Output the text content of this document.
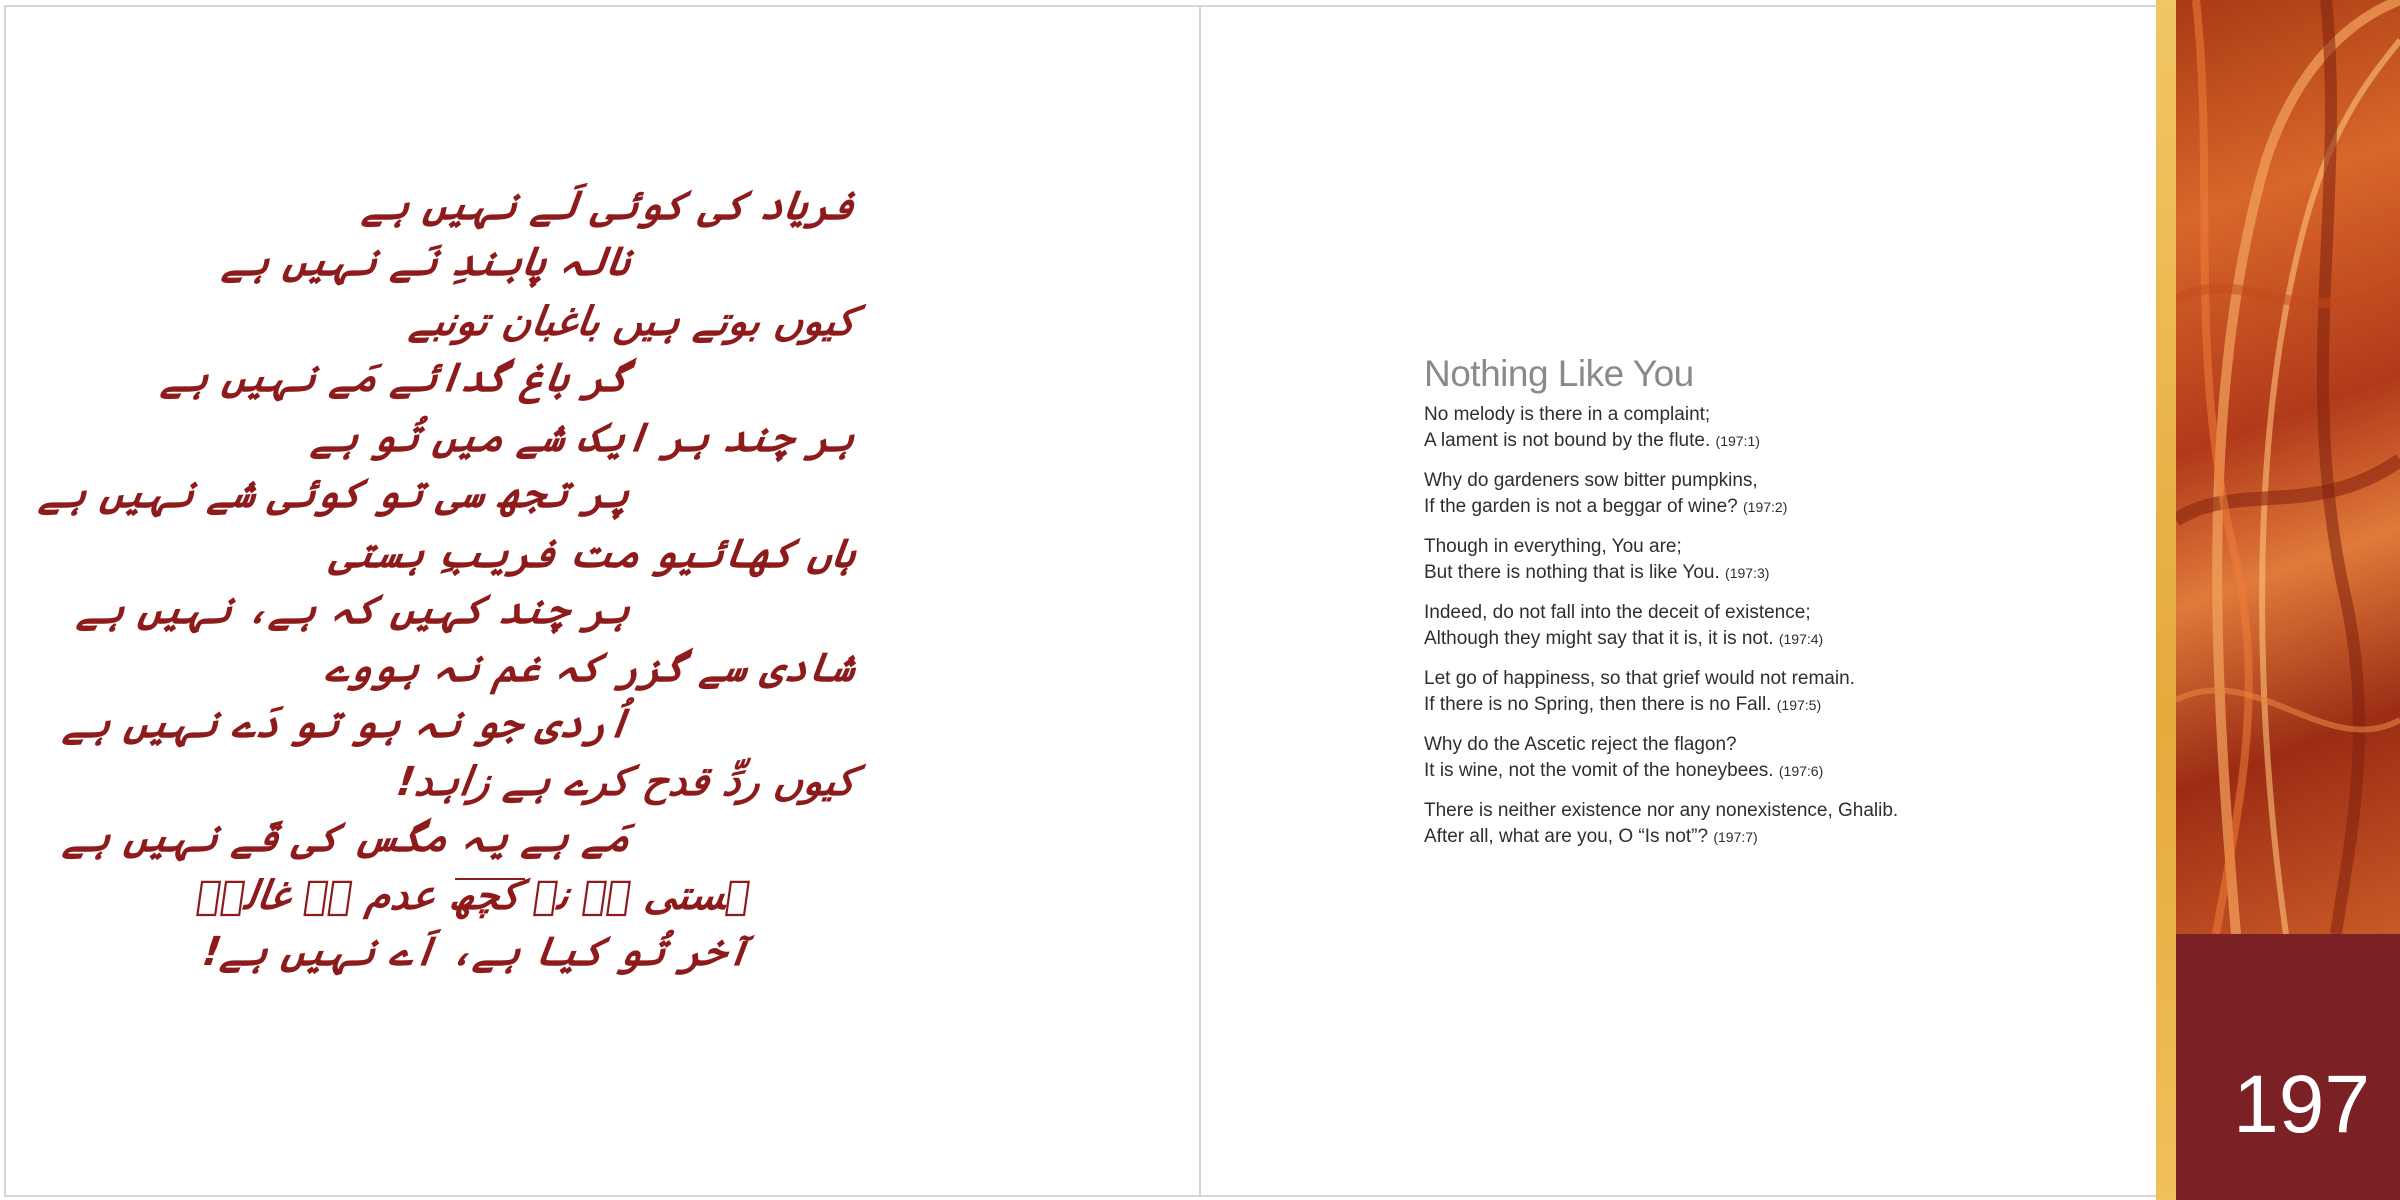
فریاد کی کوئی لَے نہیں ہے
نالہ پابندِ نَے نہیں ہے
کیوں بوتے ہیں باغبان تونبے
گر باغ گدائے مَے نہیں ہے
ہر چند ہر ایک شے میں تُو ہے
پر تجھ سی تو کوئی شے نہیں ہے
ہاں کھائیو مت فریبِ ہستی
ہر چند کہیں کہ ہے، نہیں ہے
شادی سے گزر کہ غم نہ ہووے
اُردی جو نہ ہو تو دَے نہیں ہے
کیوں ردِّ قدح کرے ہے زاہد!
مَے ہے یہ مگس کی قَے نہیں ہے
ہستی ہے نہ کچھ عدم ہے غالبؔ
آخر تُو کیا ہے، اَے نہیں ہے!
Nothing Like You
No melody is there in a complaint;
A lament is not bound by the flute. (197:1)
Why do gardeners sow bitter pumpkins,
If the garden is not a beggar of wine? (197:2)
Though in everything, You are;
But there is nothing that is like You. (197:3)
Indeed, do not fall into the deceit of existence;
Although they might say that it is, it is not. (197:4)
Let go of happiness, so that grief would not remain.
If there is no Spring, then there is no Fall. (197:5)
Why do the Ascetic reject the flagon?
It is wine, not the vomit of the honeybees. (197:6)
There is neither existence nor any nonexistence, Ghalib.
After all, what are you, O “Is not”? (197:7)
197
